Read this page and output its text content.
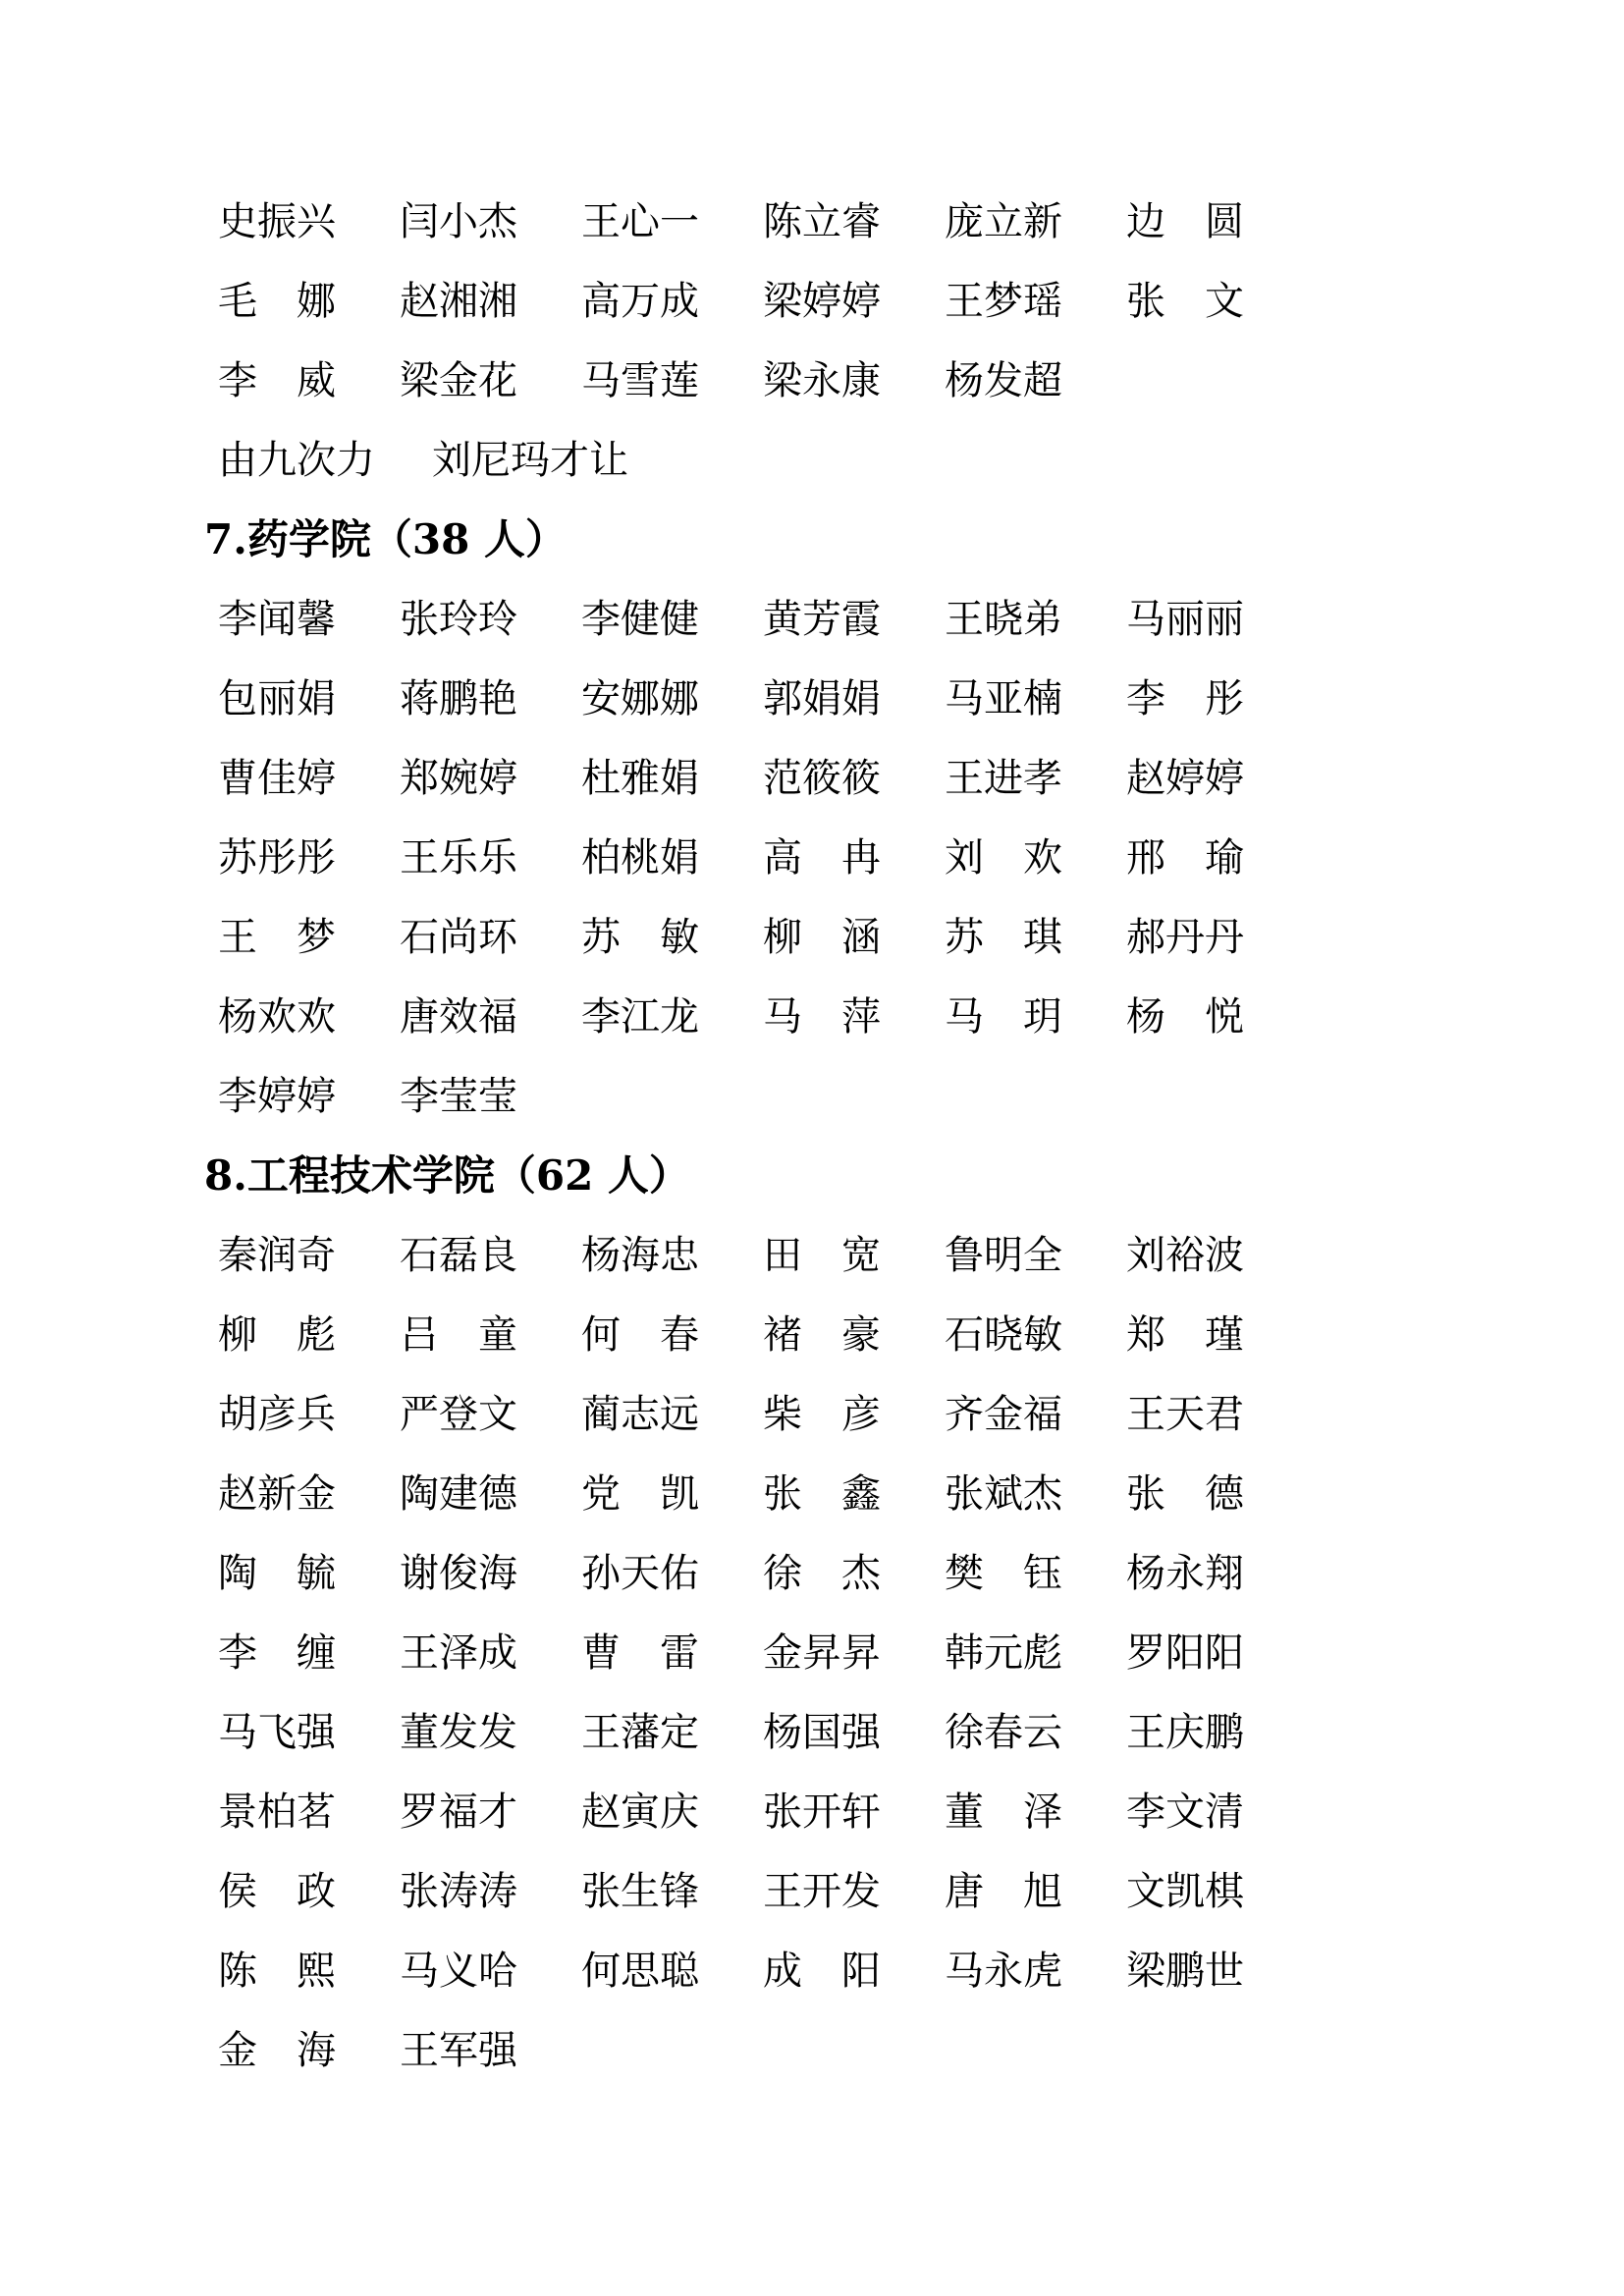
史振兴 闫小杰 王心一 陈立睿 庞立新 边　圆
毛　娜 赵湘湘 高万成 梁婷婷 王梦瑶 张　文
李　威 梁金花 马雪莲 梁永康 杨发超
由九次力 刘尼玛才让
7.药学院（38 人）
李闻馨 张玲玲 李健健 黄芳霞 王晓弟 马丽丽
包丽娟 蒋鹏艳 安娜娜 郭娟娟 马亚楠 李　彤
曹佳婷 郑婉婷 杜雅娟 范筱筱 王进孝 赵婷婷
苏彤彤 王乐乐 柏桃娟 高　冉 刘　欢 邢　瑜
王　梦 石尚环 苏　敏 柳　涵 苏　琪 郝丹丹
杨欢欢 唐效福 李江龙 马　萍 马　玥 杨　悦
李婷婷 李莹莹
8.工程技术学院（62 人）
秦润奇 石磊良 杨海忠 田　宽 鲁明全 刘裕波
柳　彪 吕　童 何　春 褚　豪 石晓敏 郑　瑾
胡彦兵 严登文 蔺志远 柴　彦 齐金福 王天君
赵新金 陶建德 党　凯 张　鑫 张斌杰 张　德
陶　毓 谢俊海 孙天佑 徐　杰 樊　钰 杨永翔
李　缠 王泽成 曹　雷 金昇昇 韩元彪 罗阳阳
马飞强 董发发 王藩定 杨国强 徐春云 王庆鹏
景柏茗 罗福才 赵寅庆 张开轩 董　泽 李文清
侯　政 张涛涛 张生锋 王开发 唐　旭 文凯棋
陈　熙 马义哈 何思聪 成　阳 马永虎 梁鹏世
金　海 王军强
